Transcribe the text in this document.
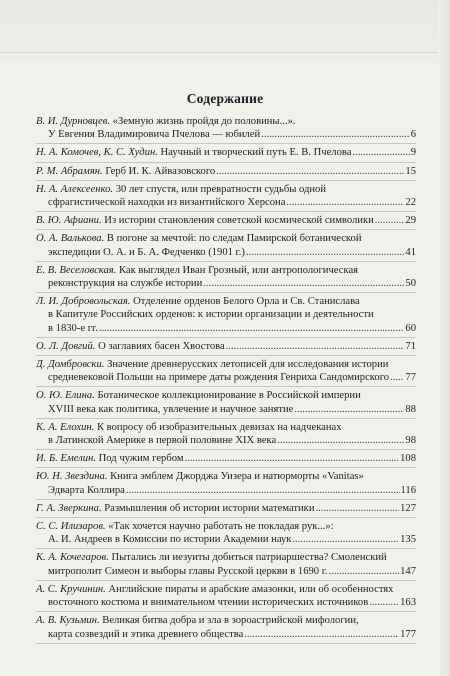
Содержание
В. И. Дурновцев. «Земную жизнь пройдя до половины...».
У Евгения Владимировича Пчелова — юбилей .....	6
Н. А. Комочев, К. С. Худин. Научный и творческий путь Е. В. Пчелова .....	9
Р. М. Абрамян. Герб И. К. Айвазовского .....	15
Н. А. Алексеенко. 30 лет спустя, или превратности судьбы одной
сфрагистической находки из византийского Херсона .....	22
В. Ю. Афиани. Из истории становления советской космической символики .....	29
О. А. Валькова. В погоне за мечтой: по следам Памирской ботанической
экспедиции О. А. и Б. А. Федченко (1901 г.) .....	41
Е. В. Веселовская. Как выглядел Иван Грозный, или антропологическая
реконструкция на службе истории .....	50
Л. И. Добровольская. Отделение орденов Белого Орла и Св. Станислава
в Капитуле Российских орденов: к истории организации и деятельности
в 1830-е гг. .....	60
О. Л. Довгий. О заглавиях басен Хвостова .....	71
Д. Домбровски. Значение древнерусских летописей для исследования истории
средневековой Польши на примере даты рождения Генриха Сандомирского ..... 77
О. Ю. Елина. Ботаническое коллекционирование в Российской империи
XVIII века как политика, увлечение и научное занятие .....	88
К. А. Елохин. К вопросу об изобразительных девизах на надчеканах
в Латинской Америке в первой половине XIX века .....	98
И. Б. Емелин. Под чужим гербом .....	108
Ю. Н. Звездина. Книга эмблем Джорджа Уизера и натюрморты «Vanitas»
Эдварта Коллира .....	116
Г. А. Зверкина. Размышления об истории истории математики .....	127
С. С. Илизаров. «Так хочется научно работать не покладая рук...»:
А. И. Андреев в Комиссии по истории Академии наук .....	135
К. А. Кочегаров. Пытались ли иезуиты добиться патриаршества? Смоленский
митрополит Симеон и выборы главы Русской церкви в 1690 г. .....	147
А. С. Кручинин. Английские пираты и арабские амазонки, или об особенностях
восточного костюма и внимательном чтении исторических источников .....	163
А. В. Кузьмин. Великая битва добра и зла в зороастрийской мифологии,
карта созвездий и этика древнего общества .....	177
